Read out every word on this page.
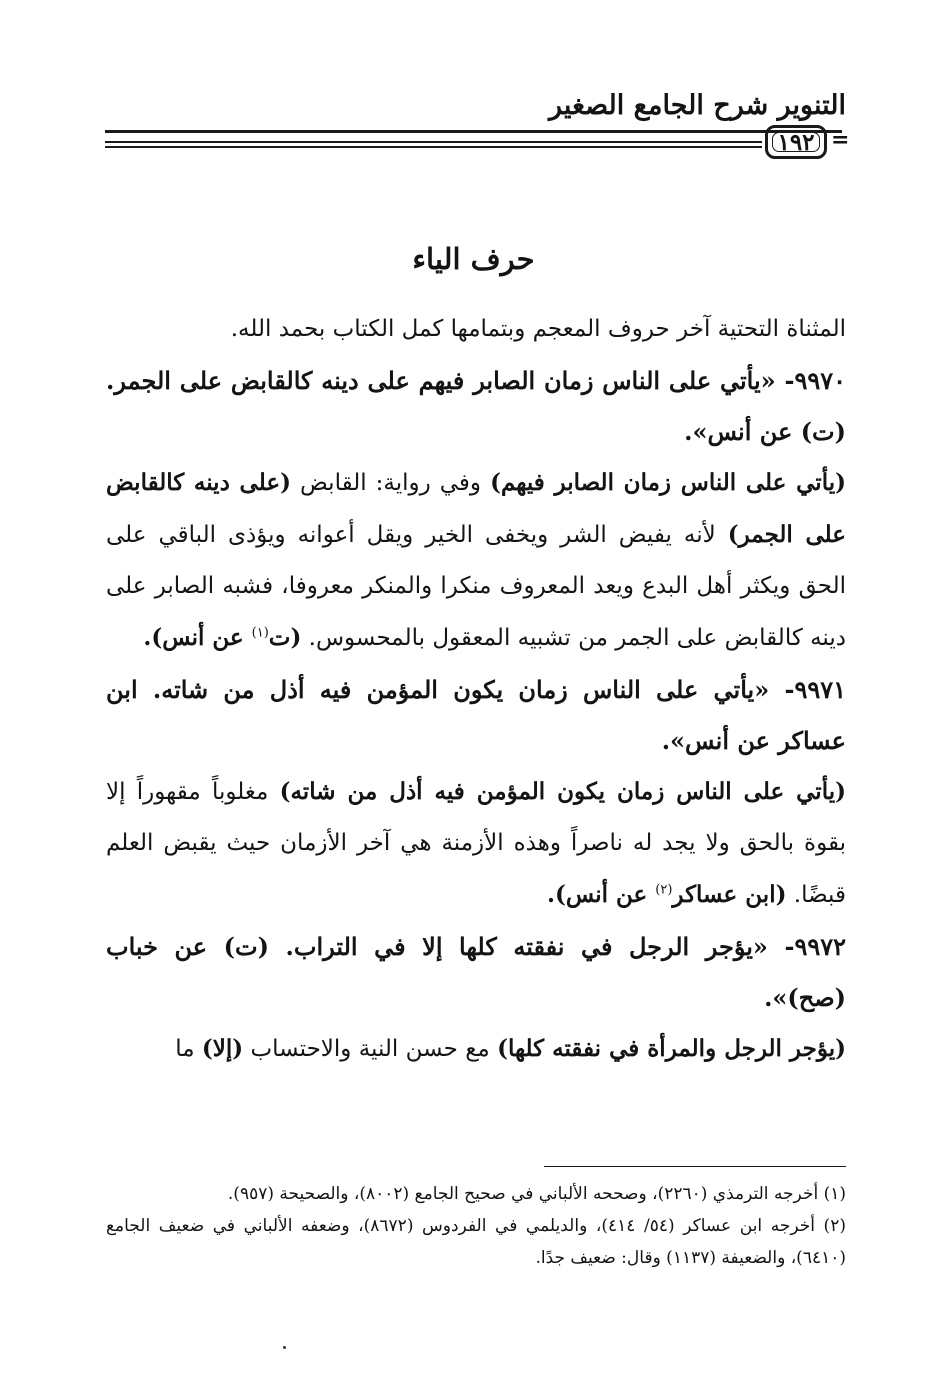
التنوير شرح الجامع الصغير
١٩٢ =
حرف الياء

المثناة التحتية آخر حروف المعجم وبتمامها كمل الكتاب بحمد الله.

٩٩٧٠- «يأتي على الناس زمان الصابر فيهم على دينه كالقابض على الجمر. (ت) عن أنس».

(يأتي على الناس زمان الصابر فيهم) وفي رواية: القابض (على دينه كالقابض على الجمر) لأنه يفيض الشر ويخفى الخير ويقل أعوانه ويؤذى الباقي على الحق ويكثر أهل البدع ويعد المعروف منكرا والمنكر معروفا، فشبه الصابر على دينه كالقابض على الجمر من تشبيه المعقول بالمحسوس. (ت$^{(١)}$ عن أنس).

٩٩٧١- «يأتي على الناس زمان يكون المؤمن فيه أذل من شاته. ابن عساكر عن أنس».

(يأتي على الناس زمان يكون المؤمن فيه أذل من شاته) مغلوباً مقهوراً إلا بقوة بالحق ولا يجد له ناصراً وهذه الأزمنة هي آخر الأزمان حيث يقبض العلم قبضًا. (ابن عساكر$^{(٢)}$ عن أنس).

٩٩٧٢- «يؤجر الرجل في نفقته كلها إلا في التراب. (ت) عن خباب (صح)».

(يؤجر الرجل والمرأة في نفقته كلها) مع حسن النية والاحتساب (إلا) ما

(١) أخرجه الترمذي (٢٢٦٠)، وصححه الألباني في صحيح الجامع (٨٠٠٢)، والصحيحة (٩٥٧).

(٢) أخرجه ابن عساكر (٥٤/ ٤١٤)، والديلمي في الفردوس (٨٦٧٢)، وضعفه الألباني في ضعيف الجامع (٦٤١٠)، والضعيفة (١١٣٧) وقال: ضعيف جدًا.
